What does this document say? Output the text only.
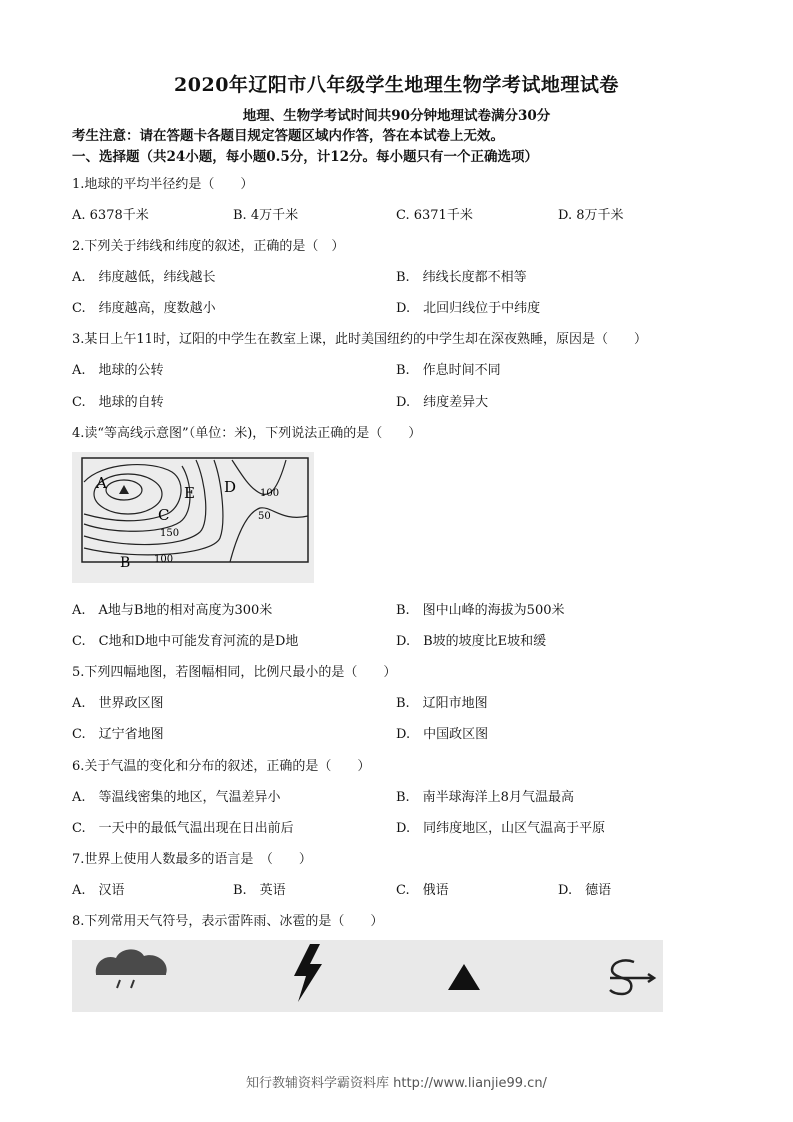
2020年辽阳市八年级学生地理生物学考试地理试卷
地理、生物学考试时间共90分钟地理试卷满分30分
考生注意：请在答题卡各题目规定答题区域内作答，答在本试卷上无效。
一、选择题（共24小题，每小题0.5分，计12分。每小题只有一个正确选项）
1.地球的平均半径约是（　　）
A. 6378千米	B. 4万千米	C. 6371千米	D. 8万千米
2.下列关于纬线和纬度的叙述，正确的是（　）
A.　纬度越低，纬线越长	B.　纬线长度都不相等
C.　纬度越高，度数越小	D.　北回归线位于中纬度
3.某日上午11时，辽阳的中学生在教室上课，此时美国纽约的中学生却在深夜熟睡，原因是（　　）
A.　地球的公转	B.　作息时间不同
C.　地球的自转	D.　纬度差异大
4.读“等高线示意图”（单位：米)，下列说法正确的是（　　）
A
B
C
D
E	100
50
150
100
A.　A地与B地的相对高度为300米	B.　图中山峰的海拔为500米
C.　C地和D地中可能发育河流的是D地	D.　B坡的坡度比E坡和缓
5.下列四幅地图，若图幅相同，比例尺最小的是（　　）
A.　世界政区图	B.　辽阳市地图
C.　辽宁省地图	D.　中国政区图
6.关于气温的变化和分布的叙述，正确的是（　　）
A.　等温线密集的地区，气温差异小	B.　南半球海洋上8月气温最高
C.　一天中的最低气温出现在日出前后	D.　同纬度地区，山区气温高于平原
7.世界上使用人数最多的语言是　（　　）
A.　汉语	B.　英语	C.　俄语	D.　德语
8.下列常用天气符号，表示雷阵雨、冰雹的是（　　）
知行教辅资料学霸资料库 http://www.lianjie99.cn/
